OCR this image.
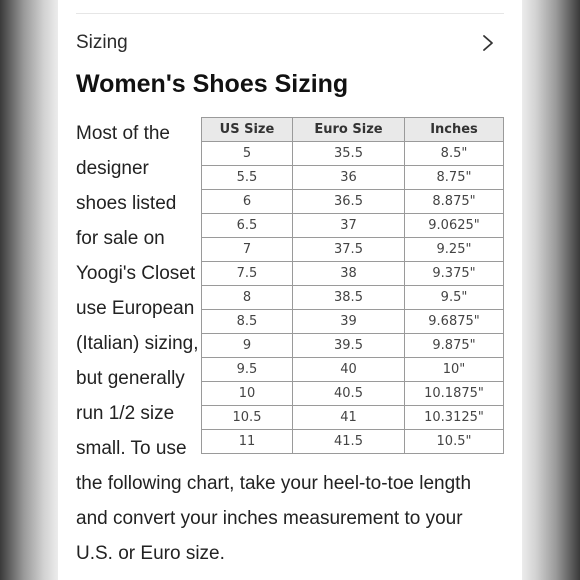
Sizing
Women's Shoes Sizing
Most of the
designer
shoes listed
for sale on
Yoogi's Closet
use European
(Italian) sizing,
but generally
run 1/2 size
small. To use
US Size	Euro Size	Inches
5	35.5	8.5"
5.5	36	8.75"
6	36.5	8.875"
6.5	37	9.0625"
7	37.5	9.25"
7.5	38	9.375"
8	38.5	9.5"
8.5	39	9.6875"
9	39.5	9.875"
9.5	40	10"
10	40.5	10.1875"
10.5	41	10.3125"
11	41.5	10.5"
the following chart, take your heel-to-toe length
and convert your inches measurement to your
U.S. or Euro size.
